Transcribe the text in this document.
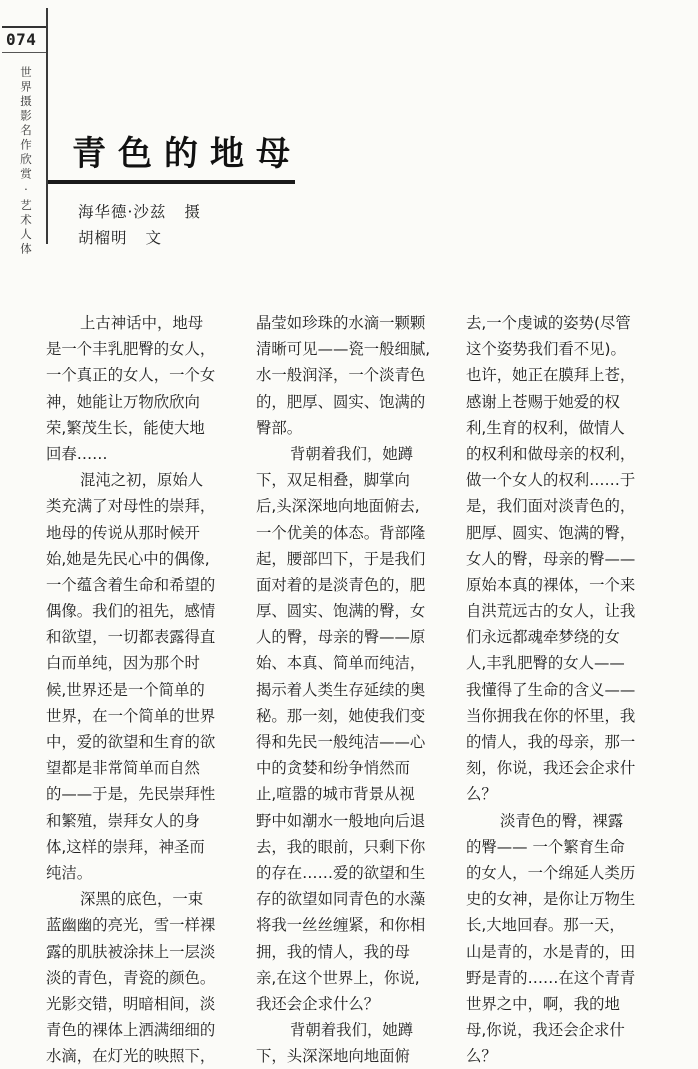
074
世界摄影名作欣赏·艺术人体 青色的地母
海华德·沙兹 摄
胡榴明 文
上古神话中，地母
是一个丰乳肥臀的女人，
一个真正的女人，一个女
神，她能让万物欣欣向
荣,繁茂生长，能使大地
回春……
混沌之初，原始人
类充满了对母性的崇拜，
地母的传说从那时候开
始,她是先民心中的偶像,
一个蕴含着生命和希望的
偶像。我们的祖先，感情
和欲望，一切都表露得直
白而单纯，因为那个时
候,世界还是一个简单的
世界，在一个简单的世界
中，爱的欲望和生育的欲
望都是非常简单而自然
的——于是，先民崇拜性
和繁殖，崇拜女人的身
体,这样的崇拜，神圣而
纯洁。
深黑的底色，一束
蓝幽幽的亮光，雪一样裸
露的肌肤被涂抹上一层淡
淡的青色，青瓷的颜色。
光影交错，明暗相间，淡
青色的裸体上洒满细细的
水滴，在灯光的映照下，
晶莹如珍珠的水滴一颗颗
清晰可见——瓷一般细腻,
水一般润泽，一个淡青色
的，肥厚、圆实、饱满的
臀部。
背朝着我们，她蹲
下，双足相叠，脚掌向
后,头深深地向地面俯去,
一个优美的体态。背部隆
起，腰部凹下，于是我们
面对着的是淡青色的，肥
厚、圆实、饱满的臀，女
人的臀，母亲的臀——原
始、本真、简单而纯洁，
揭示着人类生存延续的奥
秘。那一刻，她使我们变
得和先民一般纯洁——心
中的贪婪和纷争悄然而
止,喧嚣的城市背景从视
野中如潮水一般地向后退
去，我的眼前，只剩下你
的存在……爱的欲望和生
存的欲望如同青色的水藻
将我一丝丝缠紧，和你相
拥，我的情人，我的母
亲,在这个世界上，你说,
我还会企求什么？
背朝着我们，她蹲
下，头深深地向地面俯
去,一个虔诚的姿势(尽管
这个姿势我们看不见)。
也许，她正在膜拜上苍，
感谢上苍赐于她爱的权
利,生育的权利，做情人
的权利和做母亲的权利，
做一个女人的权利……于
是，我们面对淡青色的，
肥厚、圆实、饱满的臀，
女人的臀，母亲的臀——
原始本真的裸体，一个来
自洪荒远古的女人，让我
们永远都魂牵梦绕的女
人,丰乳肥臀的女人——
我懂得了生命的含义——
当你拥我在你的怀里，我
的情人，我的母亲，那一
刻，你说，我还会企求什
么？
淡青色的臀，裸露
的臀—— 一个繁育生命
的女人，一个绵延人类历
史的女神，是你让万物生
长,大地回春。那一天，
山是青的，水是青的，田
野是青的……在这个青青
世界之中，啊，我的地
母,你说，我还会企求什
么？
